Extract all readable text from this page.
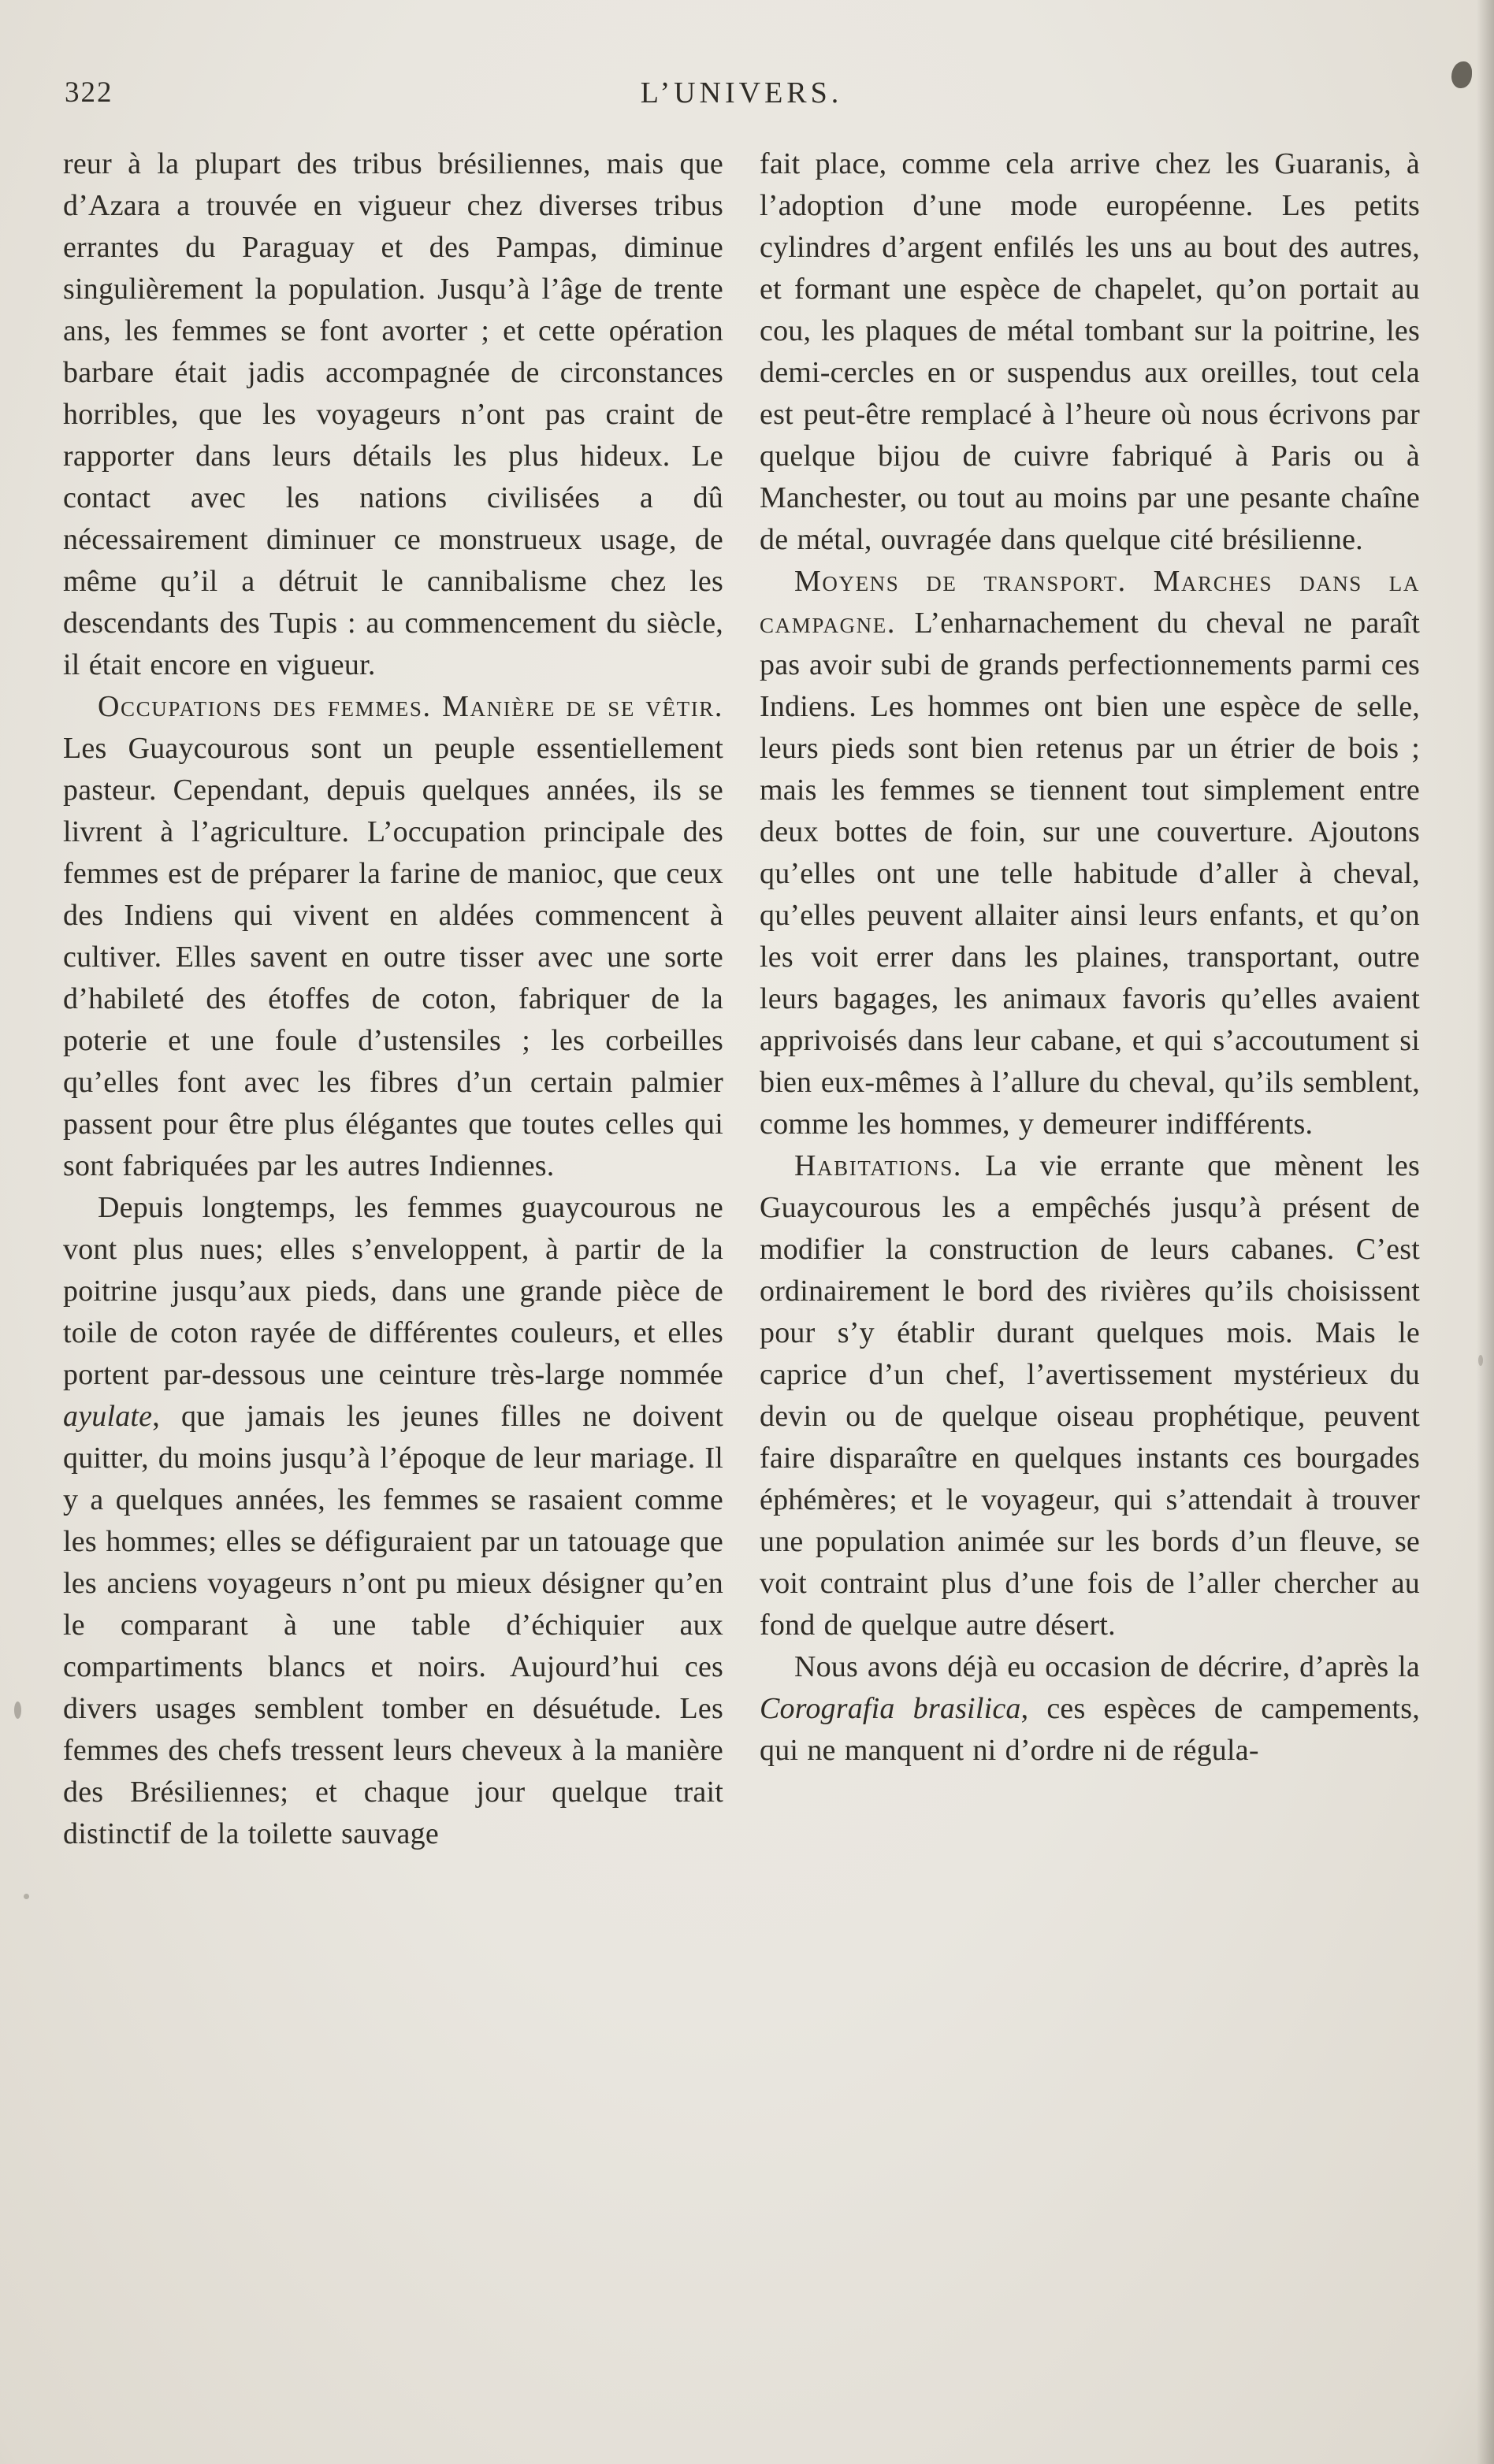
322	L’UNIVERS.

reur à la plupart des tribus brésiliennes, mais que d’Azara a trouvée en vigueur chez diverses tribus errantes du Paraguay et des Pampas, diminue singulièrement la population. Jusqu’à l’âge de trente ans, les femmes se font avorter ; et cette opération barbare était jadis accompagnée de circonstances horribles, que les voyageurs n’ont pas craint de rapporter dans leurs détails les plus hideux. Le contact avec les nations civilisées a dû nécessairement diminuer ce monstrueux usage, de même qu’il a détruit le cannibalisme chez les descendants des Tupis : au commencement du siècle, il était encore en vigueur.

Occupations des femmes. Manière de se vêtir. Les Guaycourous sont un peuple essentiellement pasteur. Cependant, depuis quelques années, ils se livrent à l’agriculture. L’occupation principale des femmes est de préparer la farine de manioc, que ceux des Indiens qui vivent en aldées commencent à cultiver. Elles savent en outre tisser avec une sorte d’habileté des étoffes de coton, fabriquer de la poterie et une foule d’ustensiles ; les corbeilles qu’elles font avec les fibres d’un certain palmier passent pour être plus élégantes que toutes celles qui sont fabriquées par les autres Indiennes.

Depuis longtemps, les femmes guaycourous ne vont plus nues; elles s’enveloppent, à partir de la poitrine jusqu’aux pieds, dans une grande pièce de toile de coton rayée de différentes couleurs, et elles portent par-dessous une ceinture très-large nommée ayulate, que jamais les jeunes filles ne doivent quitter, du moins jusqu’à l’époque de leur mariage. Il y a quelques années, les femmes se rasaient comme les hommes; elles se défiguraient par un tatouage que les anciens voyageurs n’ont pu mieux désigner qu’en le comparant à une table d’échiquier aux compartiments blancs et noirs. Aujourd’hui ces divers usages semblent tomber en désuétude. Les femmes des chefs tressent leurs cheveux à la manière des Brésiliennes; et chaque jour quelque trait distinctif de la toilette sauvage

fait place, comme cela arrive chez les Guaranis, à l’adoption d’une mode européenne. Les petits cylindres d’argent enfilés les uns au bout des autres, et formant une espèce de chapelet, qu’on portait au cou, les plaques de métal tombant sur la poitrine, les demi-cercles en or suspendus aux oreilles, tout cela est peut-être remplacé à l’heure où nous écrivons par quelque bijou de cuivre fabriqué à Paris ou à Manchester, ou tout au moins par une pesante chaîne de métal, ouvragée dans quelque cité brésilienne.

Moyens de transport. Marches dans la campagne. L’enharnachement du cheval ne paraît pas avoir subi de grands perfectionnements parmi ces Indiens. Les hommes ont bien une espèce de selle, leurs pieds sont bien retenus par un étrier de bois ; mais les femmes se tiennent tout simplement entre deux bottes de foin, sur une couverture. Ajoutons qu’elles ont une telle habitude d’aller à cheval, qu’elles peuvent allaiter ainsi leurs enfants, et qu’on les voit errer dans les plaines, transportant, outre leurs bagages, les animaux favoris qu’elles avaient apprivoisés dans leur cabane, et qui s’accoutument si bien eux-mêmes à l’allure du cheval, qu’ils semblent, comme les hommes, y demeurer indifférents.

Habitations. La vie errante que mènent les Guaycourous les a empêchés jusqu’à présent de modifier la construction de leurs cabanes. C’est ordinairement le bord des rivières qu’ils choisissent pour s’y établir durant quelques mois. Mais le caprice d’un chef, l’avertissement mystérieux du devin ou de quelque oiseau prophétique, peuvent faire disparaître en quelques instants ces bourgades éphémères; et le voyageur, qui s’attendait à trouver une population animée sur les bords d’un fleuve, se voit contraint plus d’une fois de l’aller chercher au fond de quelque autre désert.

Nous avons déjà eu occasion de décrire, d’après la Corografia brasilica, ces espèces de campements, qui ne manquent ni d’ordre ni de régula-
